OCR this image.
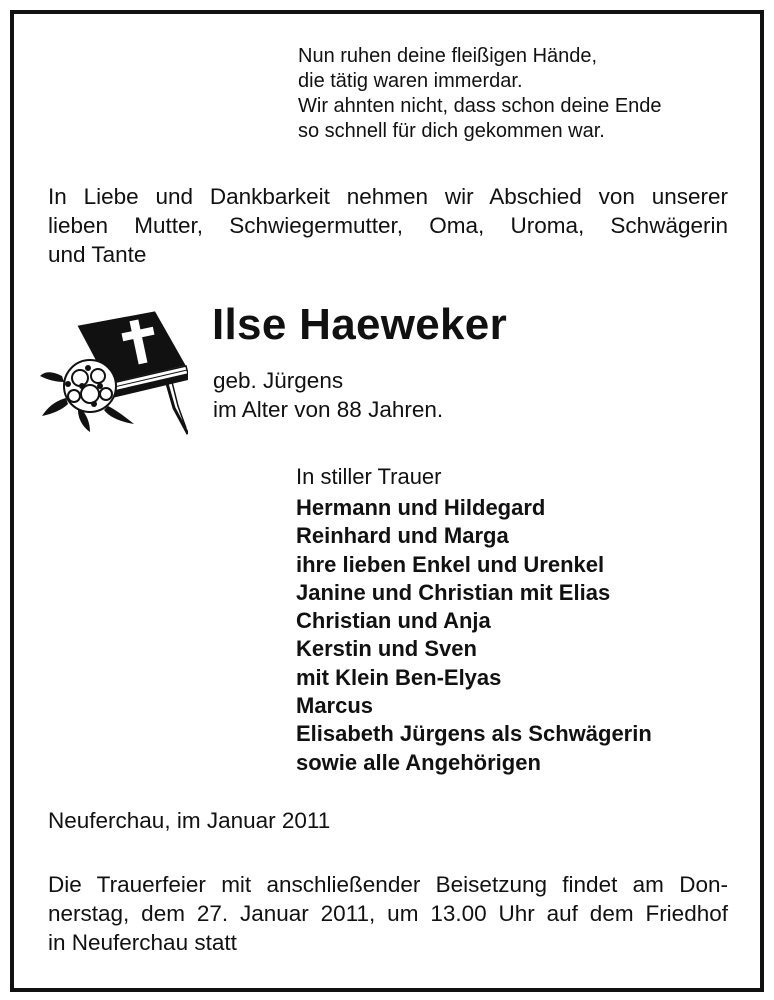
Nun ruhen deine fleißigen Hände,
die tätig waren immerdar.
Wir ahnten nicht, dass schon deine Ende
so schnell für dich gekommen war.
In Liebe und Dankbarkeit nehmen wir Abschied von unserer
lieben Mutter, Schwiegermutter, Oma, Uroma, Schwägerin
und Tante
Ilse Haeweker
geb. Jürgens
im Alter von 88 Jahren.
In stiller Trauer
Hermann und Hildegard
Reinhard und Marga
ihre lieben Enkel und Urenkel
Janine und Christian mit Elias
Christian und Anja
Kerstin und Sven
mit Klein Ben-Elyas
Marcus
Elisabeth Jürgens als Schwägerin
sowie alle Angehörigen
Neuferchau, im Januar 2011
Die Trauerfeier mit anschließender Beisetzung findet am Don-
nerstag, dem 27. Januar 2011, um 13.00 Uhr auf dem Friedhof
in Neuferchau statt
